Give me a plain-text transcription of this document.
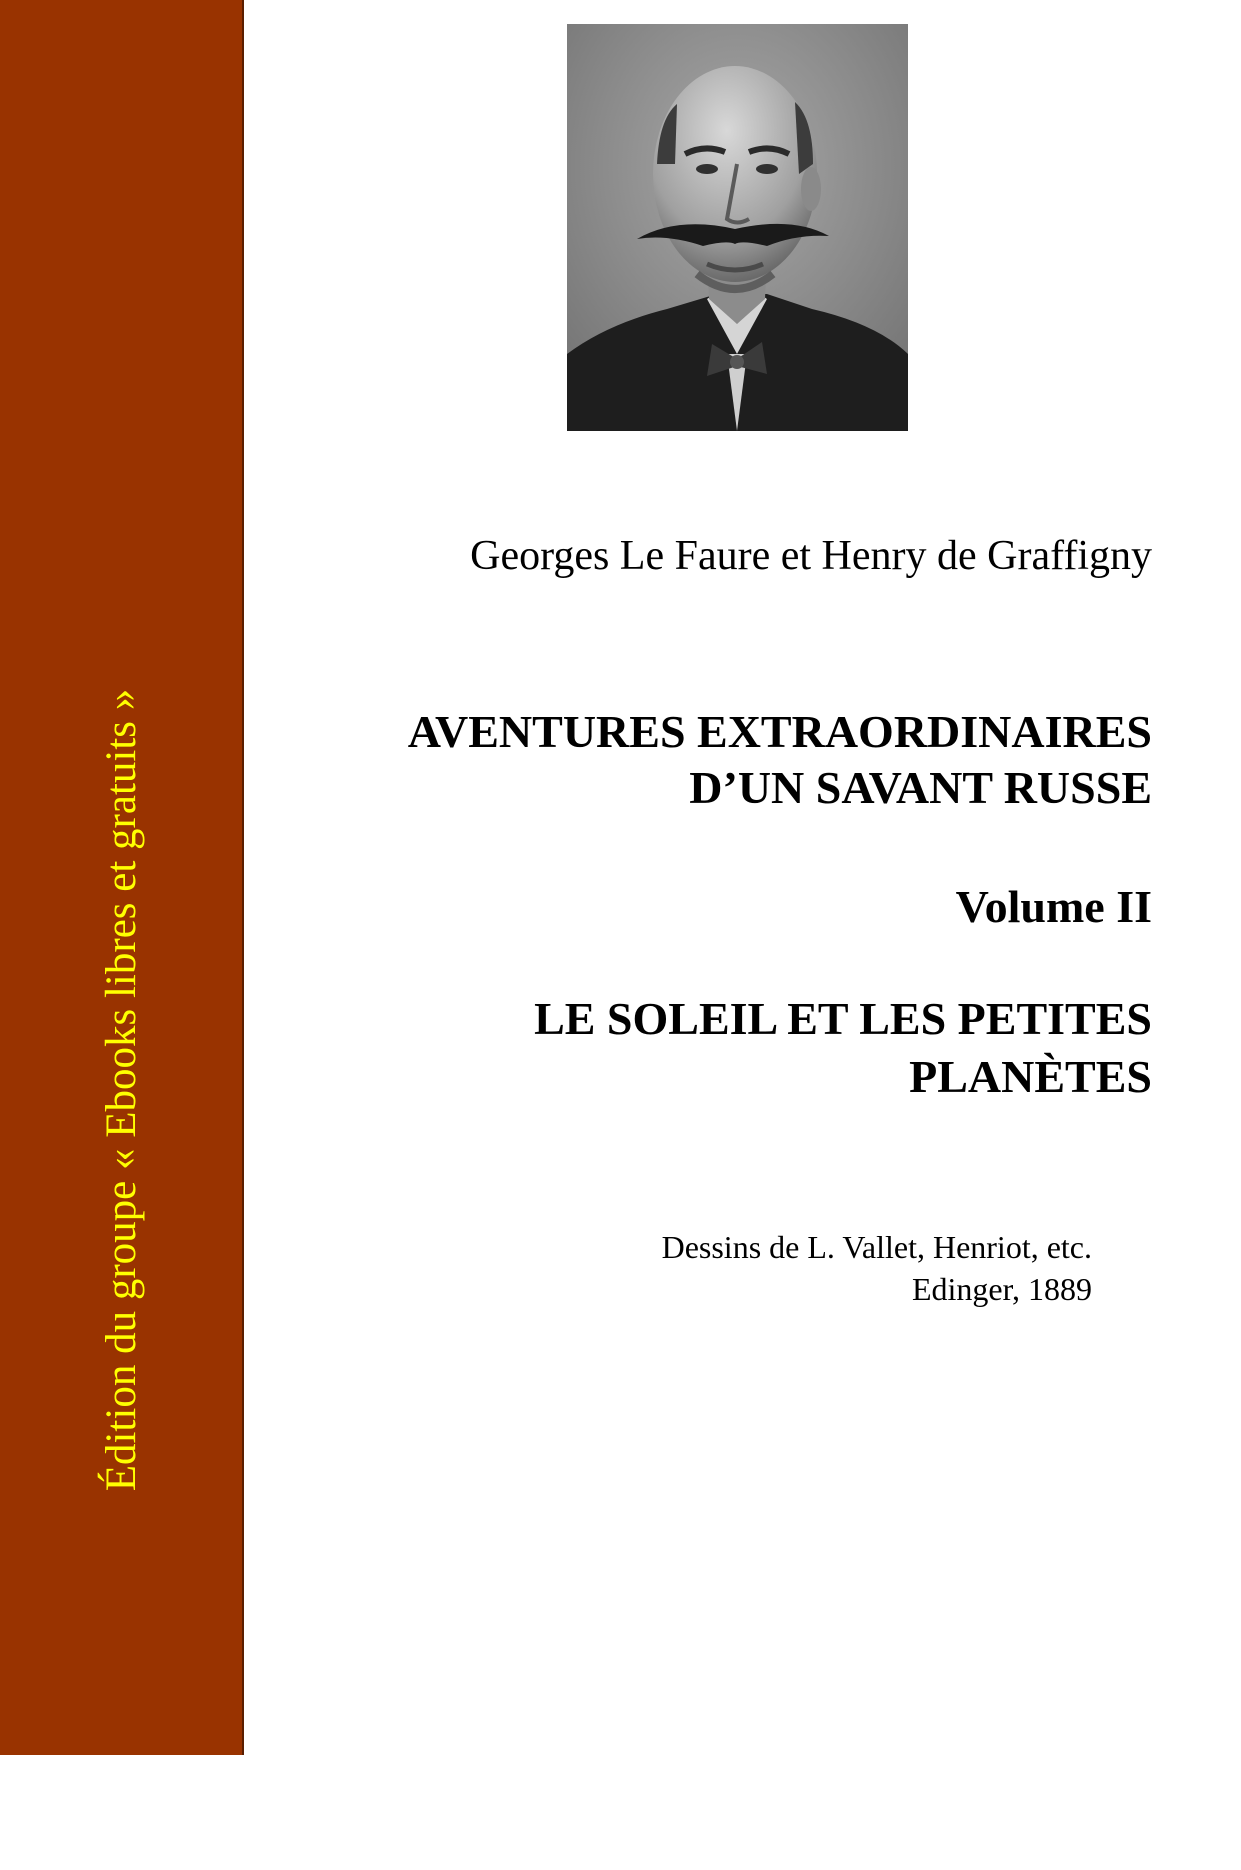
Édition du groupe « Ebooks libres et gratuits »
Georges Le Faure et Henry de Graffigny
AVENTURES EXTRAORDINAIRES
D’UN SAVANT RUSSE
Volume II
LE SOLEIL ET LES PETITES
PLANÈTES
Dessins de L. Vallet, Henriot, etc.
Edinger, 1889
